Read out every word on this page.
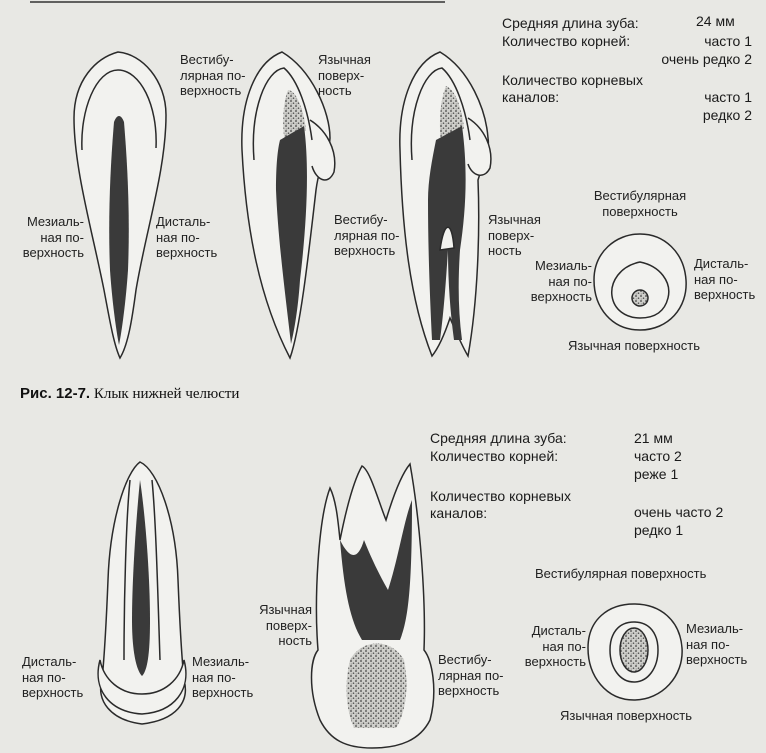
Мезиаль-
ная по-
верхность
Дисталь-
ная по-
верхность
Вестибу-
лярная по-
верхность
Язычная
поверх-
ность
Вестибу-
лярная по-
верхность
Язычная
поверх-
ность
Вестибулярная
поверхность
Мезиаль-
ная по-
верхность
Дисталь-
ная по-
верхность
Язычная поверхность
Средняя длина зуба:	24 мм
Количество корней:	часто 1
очень редко 2
Количество корневых
каналов:	часто 1
редко 2
Рис. 12-7. Клык нижней челюсти
Дисталь-
ная по-
верхность
Мезиаль-
ная по-
верхность
Язычная
поверх-
ность
Вестибу-
лярная по-
верхность
Вестибулярная поверхность
Дисталь-
ная по-
верхность
Мезиаль-
ная по-
верхность
Язычная поверхность
Средняя длина зуба:	21 мм
Количество корней:	часто 2
реже 1
Количество корневых
каналов:	очень часто 2
редко 1
